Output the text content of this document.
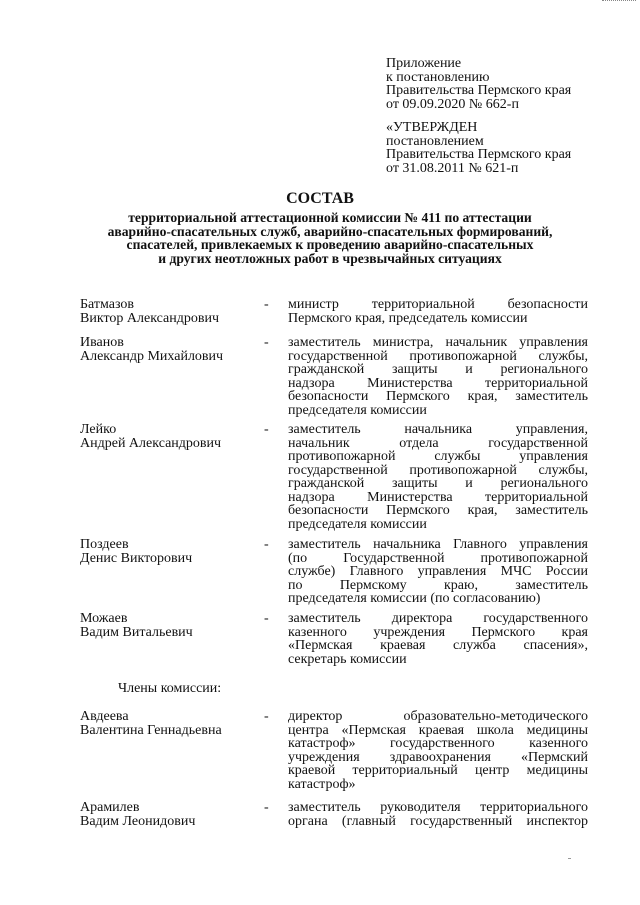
Приложение
к постановлению
Правительства Пермского края
от 09.09.2020 № 662-п
«УТВЕРЖДЕН
постановлением
Правительства Пермского края
от 31.08.2011 № 621-п
СОСТАВ
территориальной аттестационной комиссии № 411 по аттестации
аварийно-спасательных служб, аварийно-спасательных формирований,
спасателей, привлекаемых к проведению аварийно-спасательных
и других неотложных работ в чрезвычайных ситуациях
Батмазов
Виктор Александрович
- министр территориальной безопасности
Пермского края, председатель комиссии
Иванов
Александр Михайлович
- заместитель министра, начальник управления
государственной противопожарной службы,
гражданской защиты и регионального
надзора Министерства территориальной
безопасности Пермского края, заместитель
председателя комиссии
Лейко
Андрей Александрович
- заместитель начальника управления,
начальник отдела государственной
противопожарной службы управления
государственной противопожарной службы,
гражданской защиты и регионального
надзора Министерства территориальной
безопасности Пермского края, заместитель
председателя комиссии
Поздеев
Денис Викторович
- заместитель начальника Главного управления
(по Государственной противопожарной
службе) Главного управления МЧС России
по Пермскому краю, заместитель
председателя комиссии (по согласованию)
Можаев
Вадим Витальевич
- заместитель директора государственного
казенного учреждения Пермского края
«Пермская краевая служба спасения»,
секретарь комиссии
Члены комиссии:
Авдеева
Валентина Геннадьевна
- директор образовательно-методического
центра «Пермская краевая школа медицины
катастроф» государственного казенного
учреждения здравоохранения «Пермский
краевой территориальный центр медицины
катастроф»
Арамилев
Вадим Леонидович
- заместитель руководителя территориального
органа (главный государственный инспектор
